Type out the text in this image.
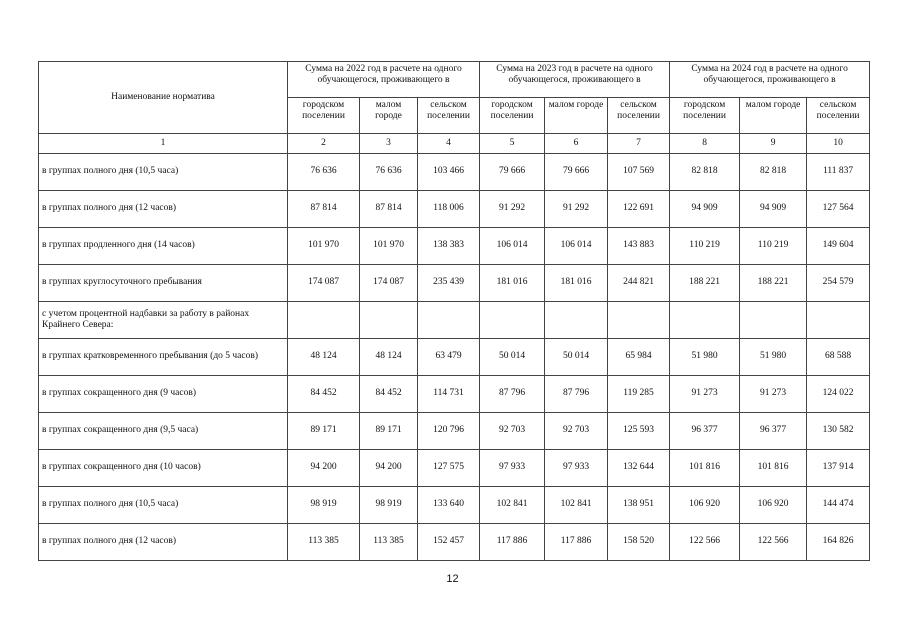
Наименование норматива	Сумма на 2022 год в расчете на одного обучающегося, проживающего в			Сумма на 2023 год в расчете на одного обучающегося, проживающего в			Сумма на 2024 год в расчете на одного обучающегося, проживающего в		
	городском поселении	малом городе	сельском поселении	городском поселении	малом городе	сельском поселении	городском поселении	малом городе	сельском поселении
1	2	3	4	5	6	7	8	9	10
в группах полного дня (10,5 часа)	76 636	76 636	103 466	79 666	79 666	107 569	82 818	82 818	111 837
в группах полного дня (12 часов)	87 814	87 814	118 006	91 292	91 292	122 691	94 909	94 909	127 564
в группах продленного дня (14 часов)	101 970	101 970	138 383	106 014	106 014	143 883	110 219	110 219	149 604
в группах круглосуточного пребывания	174 087	174 087	235 439	181 016	181 016	244 821	188 221	188 221	254 579
с учетом процентной надбавки за работу в районах Крайнего Севера:									
в группах кратковременного пребывания (до 5 часов)	48 124	48 124	63 479	50 014	50 014	65 984	51 980	51 980	68 588
в группах сокращенного дня (9 часов)	84 452	84 452	114 731	87 796	87 796	119 285	91 273	91 273	124 022
в группах сокращенного дня (9,5 часа)	89 171	89 171	120 796	92 703	92 703	125 593	96 377	96 377	130 582
в группах сокращенного дня (10 часов)	94 200	94 200	127 575	97 933	97 933	132 644	101 816	101 816	137 914
в группах полного дня (10,5 часа)	98 919	98 919	133 640	102 841	102 841	138 951	106 920	106 920	144 474
в группах полного дня (12 часов)	113 385	113 385	152 457	117 886	117 886	158 520	122 566	122 566	164 826
12
